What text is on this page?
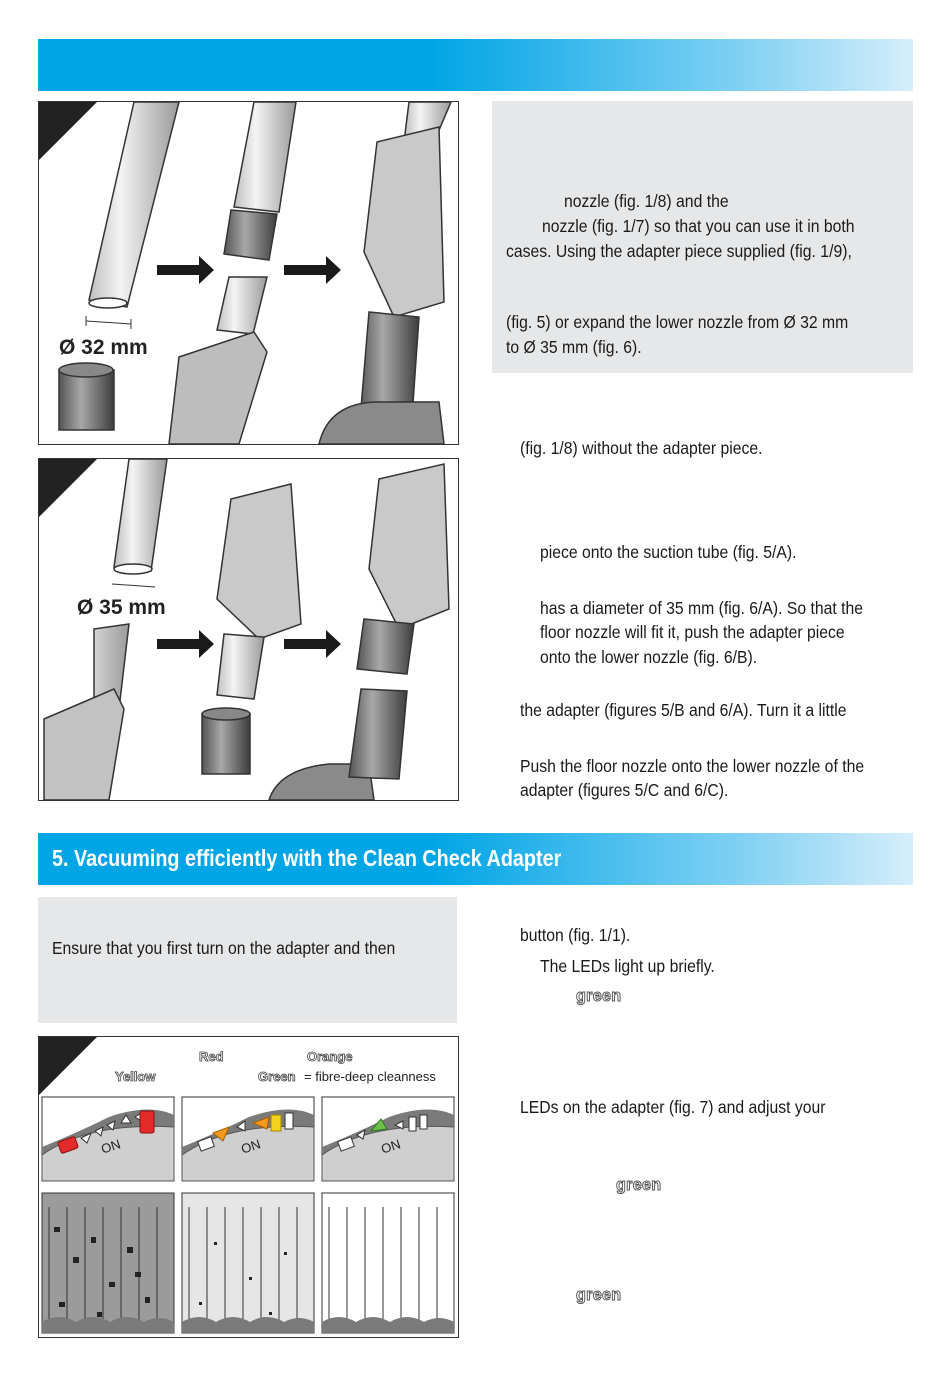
Ø 32 mm
Ø 35 mm
nozzle (fig. 1/8) and the
nozzle (fig. 1/7) so that you can use it in both
cases. Using the adapter piece supplied (fig. 1/9),
(fig. 5) or expand the lower nozzle from Ø 32 mm
to Ø 35 mm (fig. 6).
(fig. 1/8) without the adapter piece.
piece onto the suction tube (fig. 5/A).
has a diameter of 35 mm (fig. 6/A). So that the
floor nozzle will fit it, push the adapter piece
onto the lower nozzle (fig. 6/B).
the adapter (figures 5/B and 6/A). Turn it a little
Push the floor nozzle onto the lower nozzle of the
adapter (figures 5/C and 6/C).
5. Vacuuming efficiently with the Clean Check Adapter
Ensure that you first turn on the adapter and then
Red	Orange
Yellow	Green = fibre-deep cleanness
ON	ON	ON
button (fig. 1/1).
The LEDs light up briefly.
green
LEDs on the adapter (fig. 7) and adjust your
green
green
